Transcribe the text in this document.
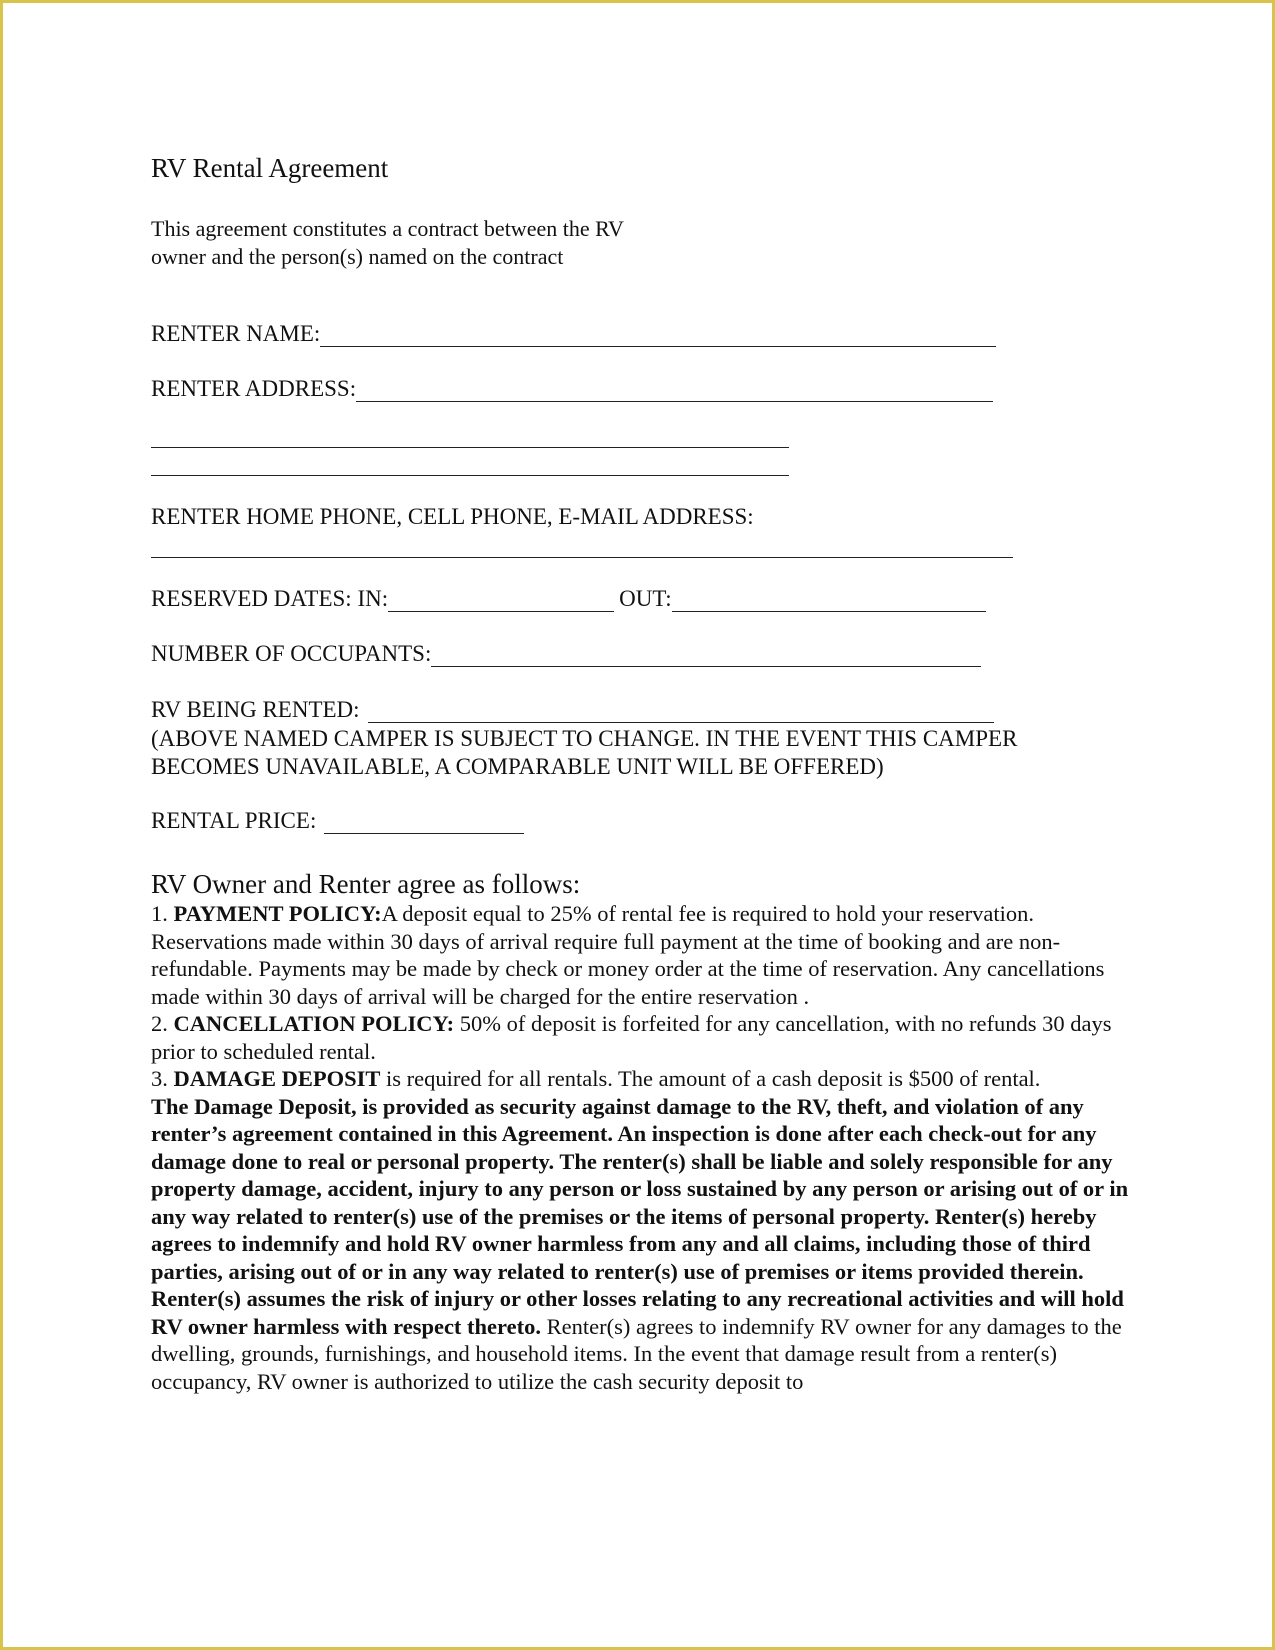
RV Rental Agreement
This agreement constitutes a contract between the RV
owner and the person(s) named on the contract
RENTER NAME:
RENTER ADDRESS:
RENTER HOME PHONE, CELL PHONE, E-MAIL ADDRESS:
RESERVED DATES: IN:	OUT:
NUMBER OF OCCUPANTS:
RV BEING RENTED:
(ABOVE NAMED CAMPER IS SUBJECT TO CHANGE. IN THE EVENT THIS CAMPER
BECOMES UNAVAILABLE, A COMPARABLE UNIT WILL BE OFFERED)
RENTAL PRICE:
RV Owner and Renter agree as follows:

1. PAYMENT POLICY:A deposit equal to 25% of rental fee is required to hold your reservation. Reservations made within 30 days of arrival require full payment at the time of booking and are non-refundable. Payments may be made by check or money order at the time of reservation. Any cancellations made within 30 days of arrival will be charged for the entire reservation .

2. CANCELLATION POLICY: 50% of deposit is forfeited for any cancellation, with no refunds 30 days prior to scheduled rental.

3. DAMAGE DEPOSIT is required for all rentals. The amount of a cash deposit is $500 of rental.

The Damage Deposit, is provided as security against damage to the RV, theft, and violation of any renter’s agreement contained in this Agreement. An inspection is done after each check-out for any damage done to real or personal property. The renter(s) shall be liable and solely responsible for any property damage, accident, injury to any person or loss sustained by any person or arising out of or in any way related to renter(s) use of the premises or the items of personal property. Renter(s) hereby agrees to indemnify and hold RV owner harmless from any and all claims, including those of third parties, arising out of or in any way related to renter(s) use of premises or items provided therein. Renter(s) assumes the risk of injury or other losses relating to any recreational activities and will hold RV owner harmless with respect thereto. Renter(s) agrees to indemnify RV owner for any damages to the dwelling, grounds, furnishings, and household items. In the event that damage result from a renter(s) occupancy, RV owner is authorized to utilize the cash security deposit to
